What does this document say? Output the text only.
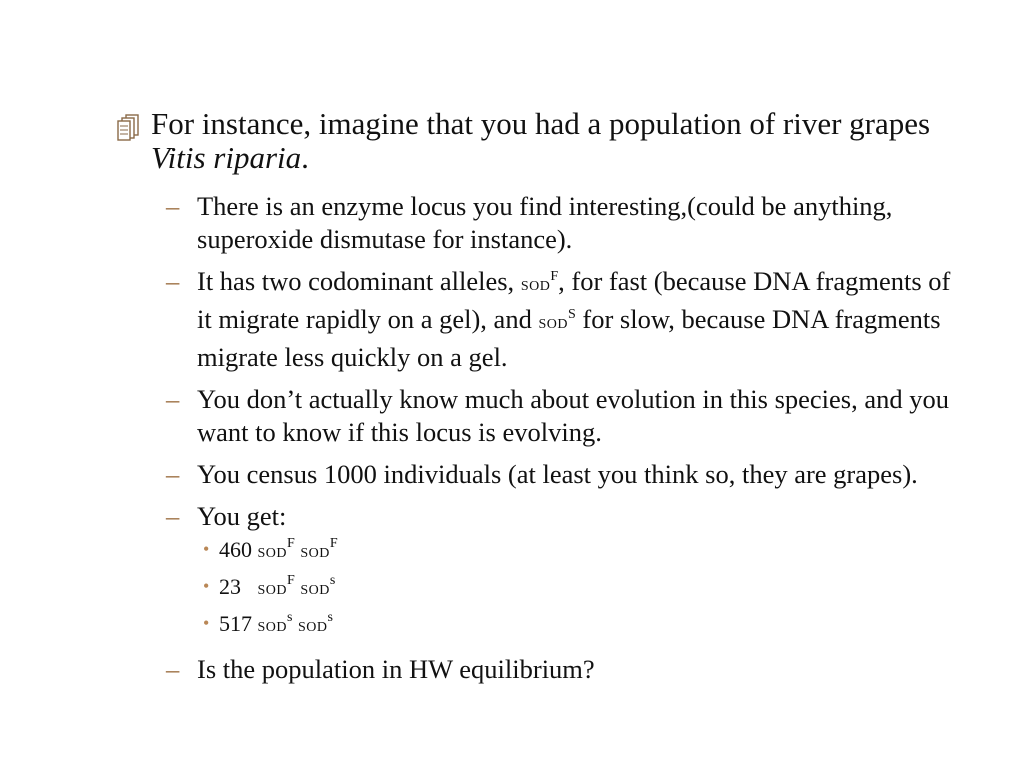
For instance, imagine that you had a population of river grapes Vitis riparia.
– There is an enzyme locus you find interesting,(could be anything, superoxide dismutase for instance).
– It has two codominant alleles, $SOD^F$, for fast (because DNA fragments of it migrate rapidly on a gel), and $SOD^S$ for slow, because DNA fragments migrate less quickly on a gel.
– You don’t actually know much about evolution in this species, and you want to know if this locus is evolving.
– You census 1000 individuals (at least you think so, they are grapes).
– You get:
• 460 $SOD^F$ $SOD^F$
• 23   $SOD^F$ SOD$^s$
• 517 SOD$^s$ SOD$^s$
– Is the population in HW equilibrium?
